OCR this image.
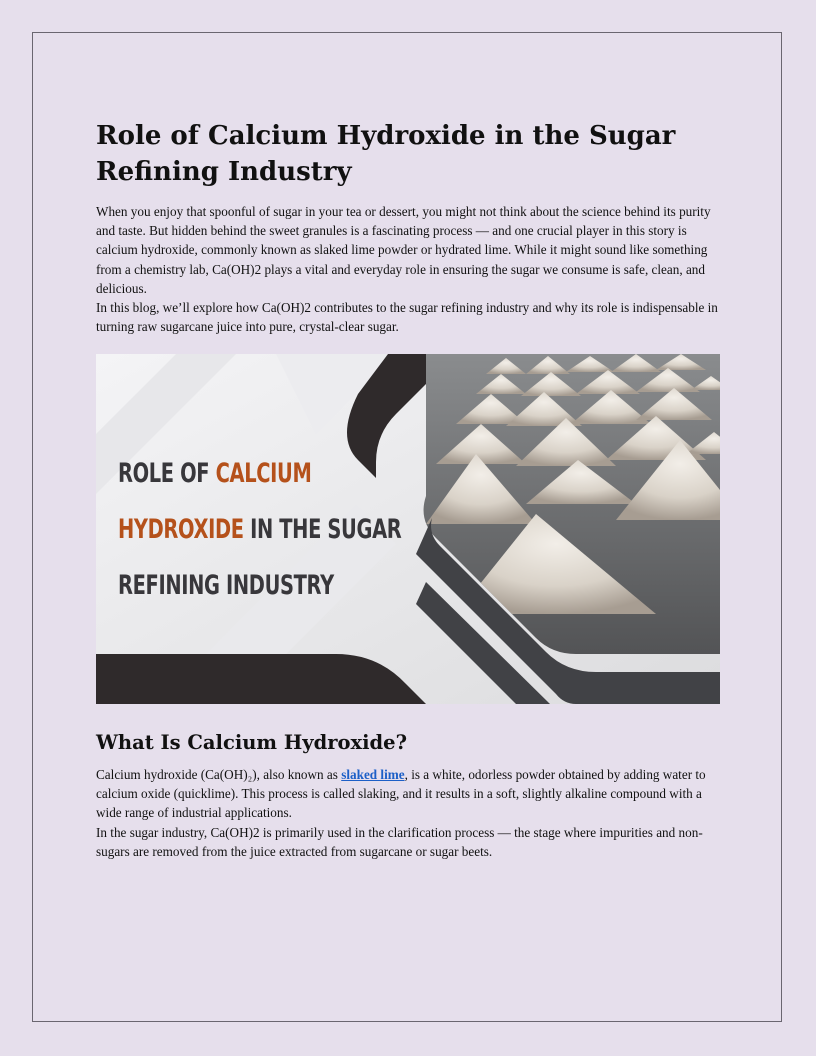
Role of Calcium Hydroxide in the Sugar Refining Industry

When you enjoy that spoonful of sugar in your tea or dessert, you might not think about the science behind its purity and taste. But hidden behind the sweet granules is a fascinating process — and one crucial player in this story is calcium hydroxide, commonly known as slaked lime powder or hydrated lime. While it might sound like something from a chemistry lab, Ca(OH)2 plays a vital and everyday role in ensuring the sugar we consume is safe, clean, and delicious.
In this blog, we’ll explore how Ca(OH)2 contributes to the sugar refining industry and why its role is indispensable in turning raw sugarcane juice into pure, crystal-clear sugar.

ROLE OF CALCIUM
HYDROXIDE IN THE SUGAR
REFINING INDUSTRY
What Is Calcium Hydroxide?

Calcium hydroxide (Ca(OH)₂), also known as slaked lime, is a white, odorless powder obtained by adding water to calcium oxide (quicklime). This process is called slaking, and it results in a soft, slightly alkaline compound with a wide range of industrial applications.

In the sugar industry, Ca(OH)2 is primarily used in the clarification process — the stage where impurities and non-sugars are removed from the juice extracted from sugarcane or sugar beets.
